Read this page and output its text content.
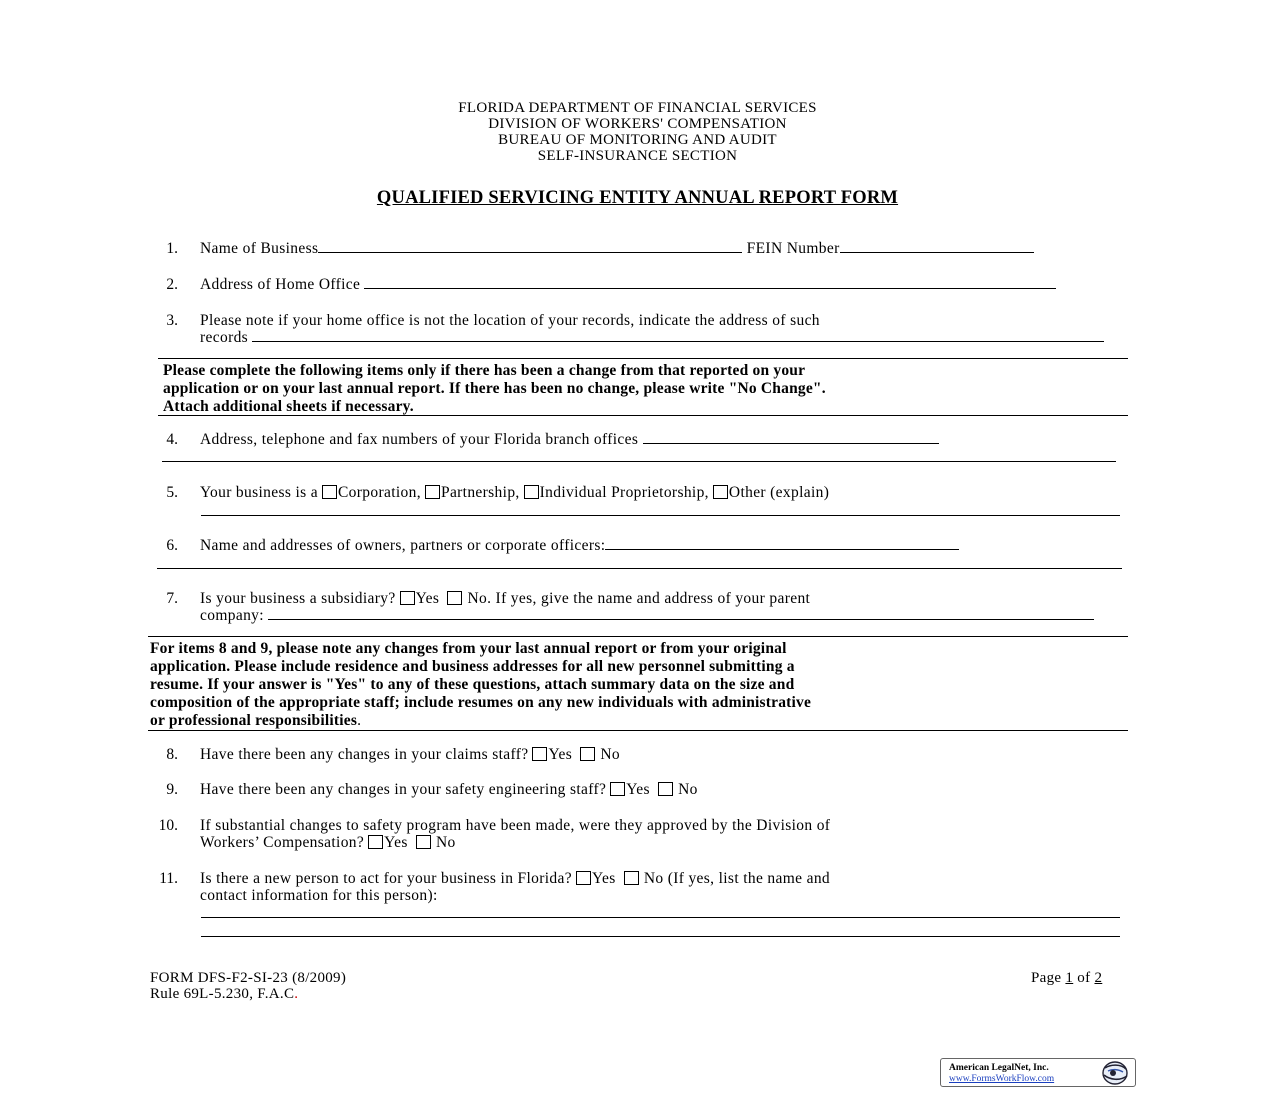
FLORIDA DEPARTMENT OF FINANCIAL SERVICES
DIVISION OF WORKERS' COMPENSATION
BUREAU OF MONITORING AND AUDIT
SELF-INSURANCE SECTION
QUALIFIED SERVICING ENTITY ANNUAL REPORT FORM
1. Name of Business	FEIN Number
2. Address of Home Office
3. Please note if your home office is not the location of your records, indicate the address of such
records
Please complete the following items only if there has been a change from that reported on your
application or on your last annual report. If there has been no change, please write "No Change".
Attach additional sheets if necessary.
4. Address, telephone and fax numbers of your Florida branch offices
5. Your business is a Corporation, Partnership, Individual Proprietorship, Other (explain)
6. Name and addresses of owners, partners or corporate officers:
7. Is your business a subsidiary? Yes No. If yes, give the name and address of your parent
company:
For items 8 and 9, please note any changes from your last annual report or from your original
application. Please include residence and business addresses for all new personnel submitting a
resume. If your answer is "Yes" to any of these questions, attach summary data on the size and
composition of the appropriate staff; include resumes on any new individuals with administrative
or professional responsibilities.
8. Have there been any changes in your claims staff? Yes No
9. Have there been any changes in your safety engineering staff? Yes No
10. If substantial changes to safety program have been made, were they approved by the Division of
Workers’ Compensation? Yes No
11. Is there a new person to act for your business in Florida? Yes No (If yes, list the name and
contact information for this person):
FORM DFS-F2-SI-23 (8/2009)
Rule 69L-5.230, F.A.C.
Page 1 of 2
American LegalNet, Inc.
www.FormsWorkFlow.com
